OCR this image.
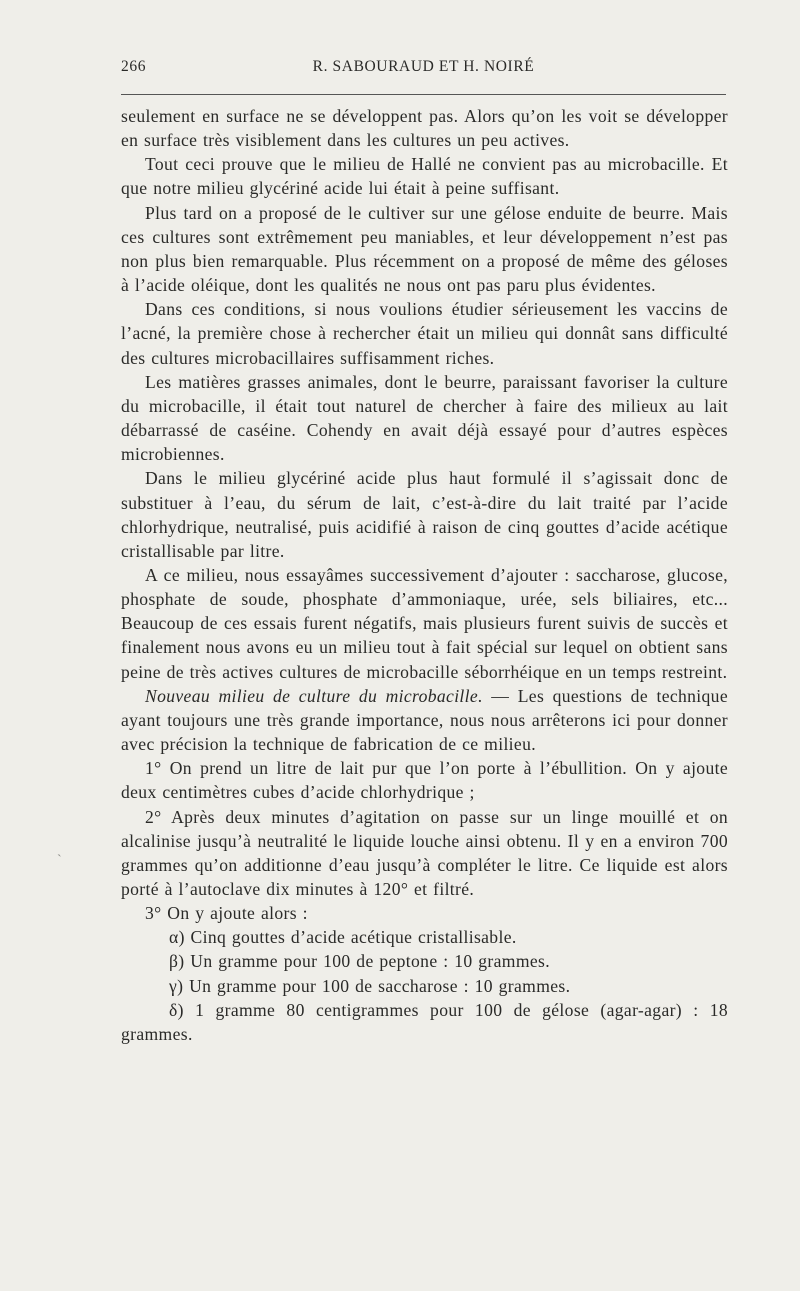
266	R. SABOURAUD ET H. NOIRÉ
`

seulement en surface ne se développent pas. Alors qu’on les voit se développer en surface très visiblement dans les cultures un peu actives.

Tout ceci prouve que le milieu de Hallé ne convient pas au microbacille. Et que notre milieu glycériné acide lui était à peine suffisant.

Plus tard on a proposé de le cultiver sur une gélose enduite de beurre. Mais ces cultures sont extrêmement peu maniables, et leur développement n’est pas non plus bien remarquable. Plus récemment on a proposé de même des géloses à l’acide oléique, dont les qualités ne nous ont pas paru plus évidentes.

Dans ces conditions, si nous voulions étudier sérieusement les vaccins de l’acné, la première chose à rechercher était un milieu qui donnât sans difficulté des cultures microbacillaires suffisamment riches.

Les matières grasses animales, dont le beurre, paraissant favoriser la culture du microbacille, il était tout naturel de chercher à faire des milieux au lait débarrassé de caséine. Cohendy en avait déjà essayé pour d’autres espèces microbiennes.

Dans le milieu glycériné acide plus haut formulé il s’agissait donc de substituer à l’eau, du sérum de lait, c’est-à-dire du lait traité par l’acide chlorhydrique, neutralisé, puis acidifié à raison de cinq gouttes d’acide acétique cristallisable par litre.

A ce milieu, nous essayâmes successivement d’ajouter : saccharose, glucose, phosphate de soude, phosphate d’ammoniaque, urée, sels biliaires, etc... Beaucoup de ces essais furent négatifs, mais plusieurs furent suivis de succès et finalement nous avons eu un milieu tout à fait spécial sur lequel on obtient sans peine de très actives cultures de microbacille séborrhéique en un temps restreint.

Nouveau milieu de culture du microbacille. — Les questions de technique ayant toujours une très grande importance, nous nous arrêterons ici pour donner avec précision la technique de fabrication de ce milieu.

1° On prend un litre de lait pur que l’on porte à l’ébullition. On y ajoute deux centimètres cubes d’acide chlorhydrique ;

2° Après deux minutes d’agitation on passe sur un linge mouillé et on alcalinise jusqu’à neutralité le liquide louche ainsi obtenu. Il y en a environ 700 grammes qu’on additionne d’eau jusqu’à compléter le litre. Ce liquide est alors porté à l’autoclave dix minutes à 120° et filtré.

3° On y ajoute alors :

α) Cinq gouttes d’acide acétique cristallisable.

β) Un gramme pour 100 de peptone : 10 grammes.

γ) Un gramme pour 100 de saccharose : 10 grammes.

δ) 1 gramme 80 centigrammes pour 100 de gélose (agar-agar) : 18 grammes.
